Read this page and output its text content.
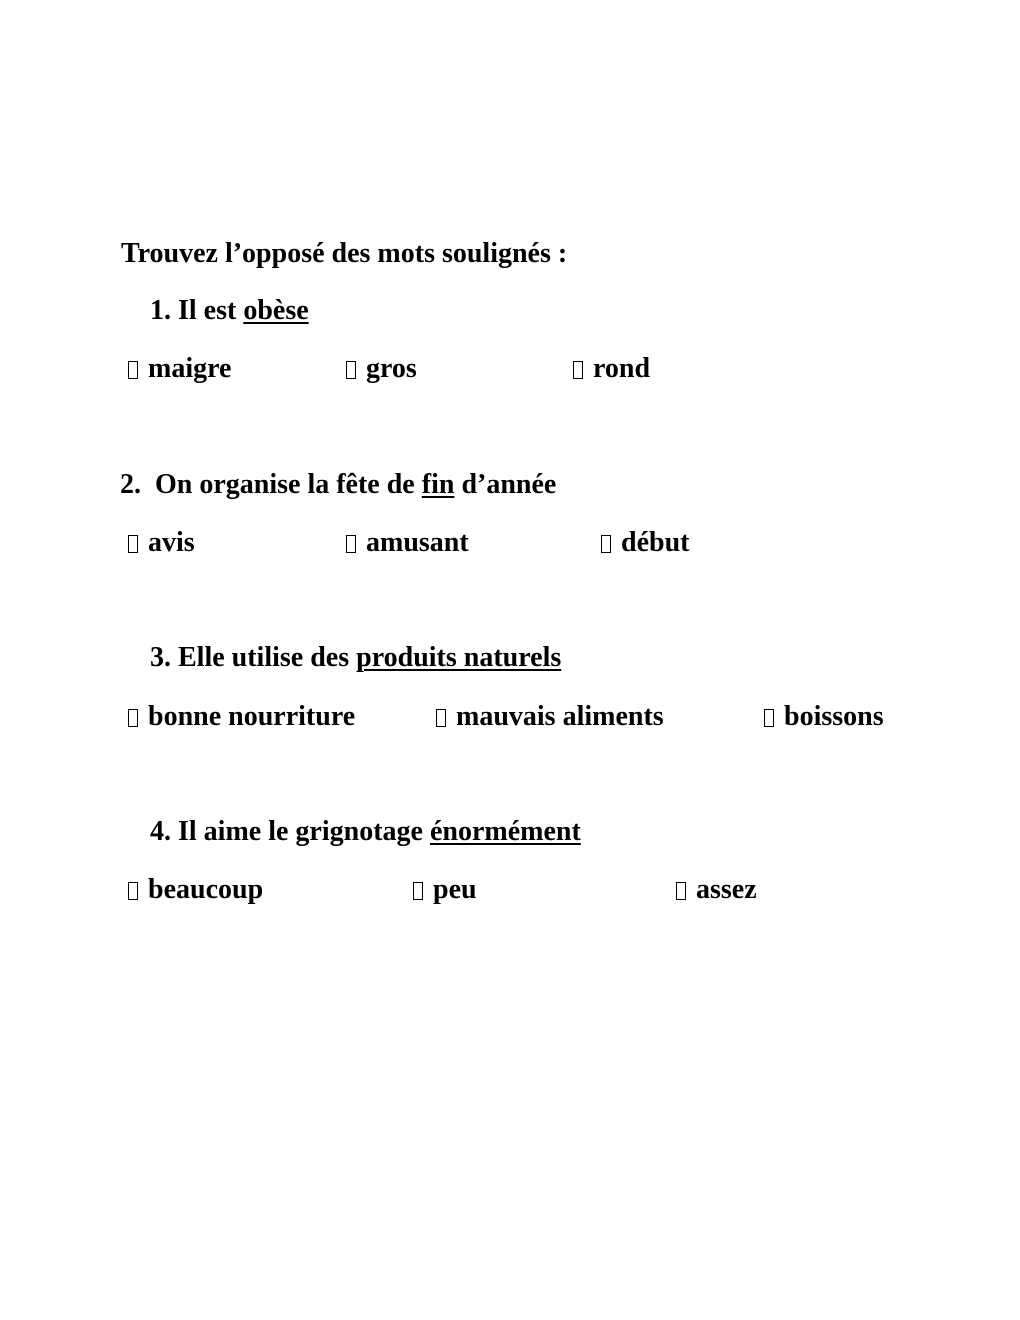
Trouvez l’opposé des mots soulignés :
1. Il est obèse
maigre	gros	rond
2.  On organise la fête de fin d’année
avis	amusant	début
3. Elle utilise des produits naturels
bonne nourriture	mauvais aliments	boissons
4. Il aime le grignotage énormément
beaucoup	peu	assez
